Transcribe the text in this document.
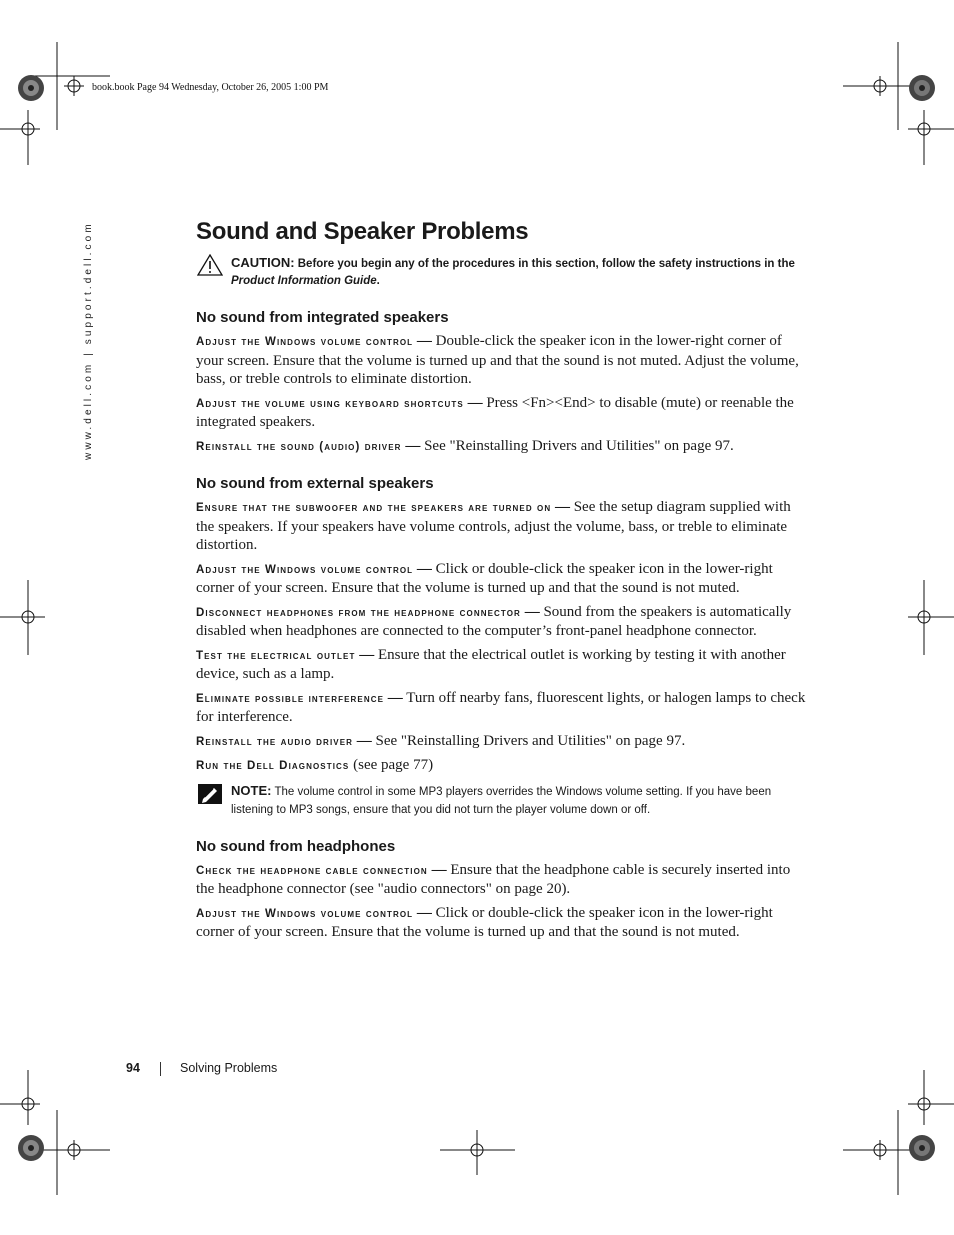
book.book Page 94 Wednesday, October 26, 2005 1:00 PM
www.dell.com | support.dell.com	Sound and Speaker Problems
CAUTION: Before you begin any of the procedures in this section, follow the safety instructions in the Product Information Guide.
No sound from integrated speakers

Adjust the Windows volume control — Double-click the speaker icon in the lower-right corner of your screen. Ensure that the volume is turned up and that the sound is not muted. Adjust the volume, bass, or treble controls to eliminate distortion.

Adjust the volume using keyboard shortcuts — Press <Fn><End> to disable (mute) or reenable the integrated speakers.

Reinstall the sound (audio) driver — See "Reinstalling Drivers and Utilities" on page 97.

No sound from external speakers

Ensure that the subwoofer and the speakers are turned on — See the setup diagram supplied with the speakers. If your speakers have volume controls, adjust the volume, bass, or treble to eliminate distortion.

Adjust the Windows volume control — Click or double-click the speaker icon in the lower-right corner of your screen. Ensure that the volume is turned up and that the sound is not muted.

Disconnect headphones from the headphone connector — Sound from the speakers is automatically disabled when headphones are connected to the computer’s front-panel headphone connector.

Test the electrical outlet — Ensure that the electrical outlet is working by testing it with another device, such as a lamp.

Eliminate possible interference — Turn off nearby fans, fluorescent lights, or halogen lamps to check for interference.

Reinstall the audio driver — See "Reinstalling Drivers and Utilities" on page 97.

Run the Dell Diagnostics (see page 77)

NOTE: The volume control in some MP3 players overrides the Windows volume setting. If you have been listening to MP3 songs, ensure that you did not turn the player volume down or off.
No sound from headphones

Check the headphone cable connection — Ensure that the headphone cable is securely inserted into the headphone connector (see "audio connectors" on page 20).

Adjust the Windows volume control — Click or double-click the speaker icon in the lower-right corner of your screen. Ensure that the volume is turned up and that the sound is not muted.

94	Solving Problems
